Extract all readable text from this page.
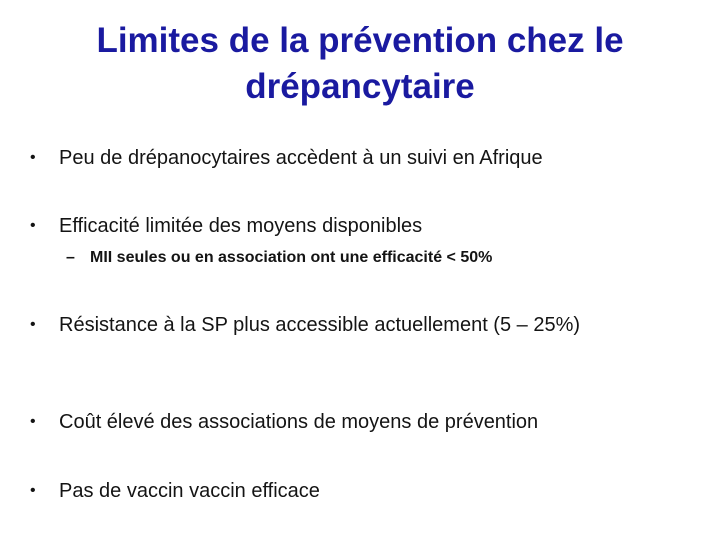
Limites de la prévention chez le
drépancytaire
•	Peu de drépanocytaires accèdent à un suivi en Afrique
•	Efficacité limitée des moyens disponibles
– MII seules ou en association ont une efficacité < 50%
•	Résistance à la SP plus accessible actuellement (5 – 25%)
•	Coût élevé des associations de moyens de prévention
•	Pas de vaccin vaccin efficace
